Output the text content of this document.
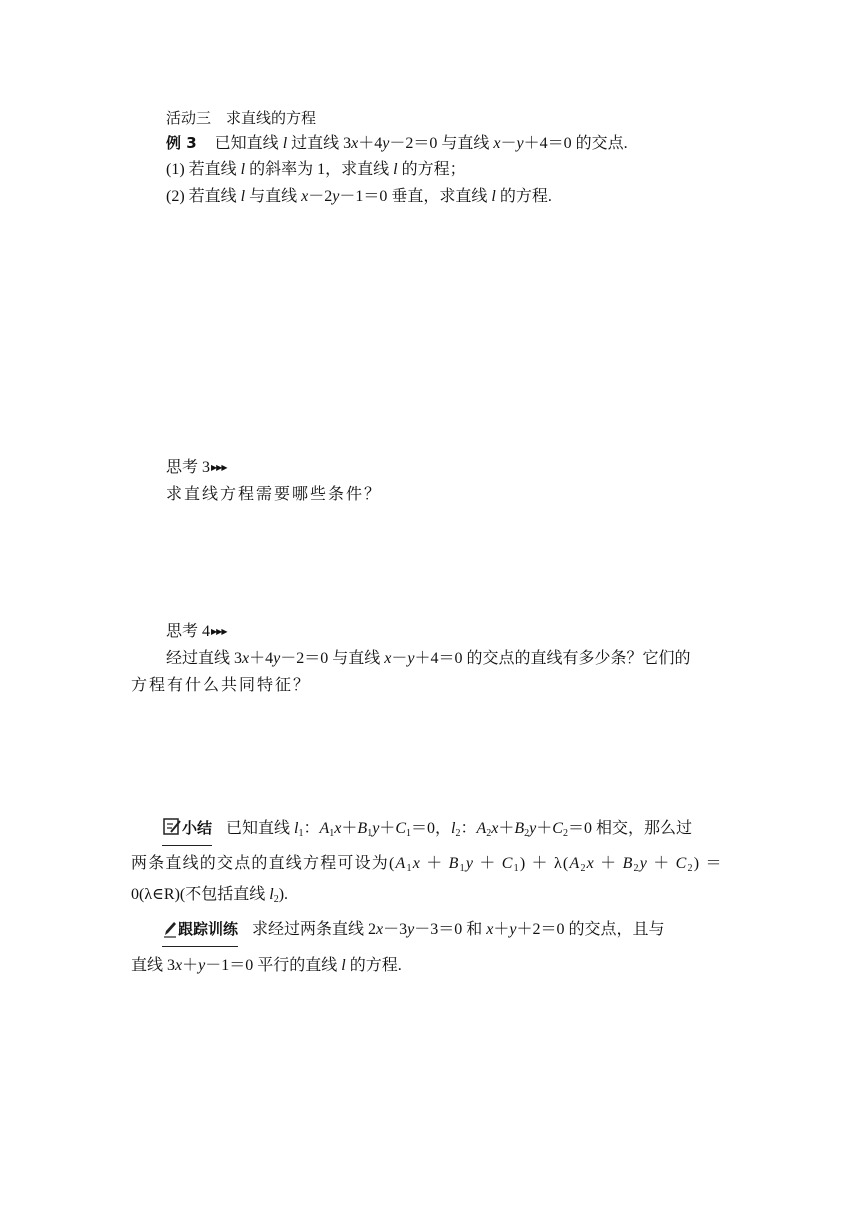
活动三　求直线的方程
例 3 已知直线 l 过直线 3x＋4y－2＝0 与直线 x－y＋4＝0 的交点.
(1) 若直线 l 的斜率为 1，求直线 l 的方程；
(2) 若直线 l 与直线 x－2y－1＝0 垂直，求直线 l 的方程.
思考 3▶▶▶
求直线方程需要哪些条件？
思考 4▶▶▶
经过直线 3x＋4y－2＝0 与直线 x－y＋4＝0 的交点的直线有多少条？它们的
方程有什么共同特征？
小结 已知直线 $l_1$：$A_1x+B_1y+C_1=0$，$l_2$：$A_2x+B_2y+C_2=0$ 相交，那么过
两条直线的交点的直线方程可设为$(A_1x + B_1y + C_1) + \lambda(A_2x + B_2y + C_2)$ ＝
0(λ∈R)(不包括直线 $l_2$).
跟踪训练 求经过两条直线 2x－3y－3＝0 和 x＋y＋2＝0 的交点，且与
直线 3x＋y－1＝0 平行的直线 l 的方程.
